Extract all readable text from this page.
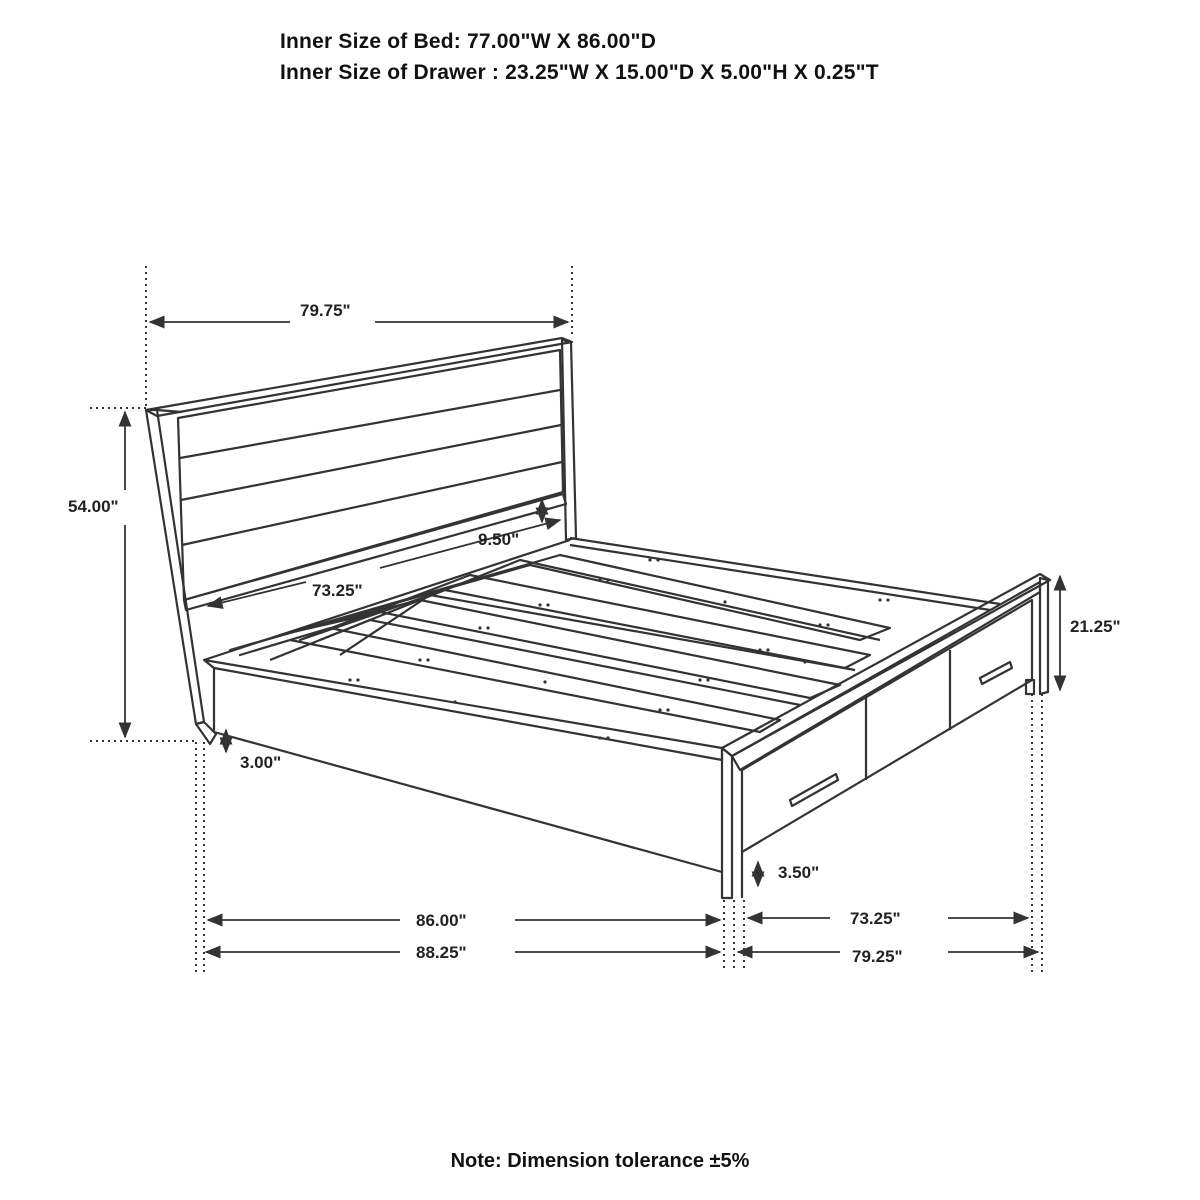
Inner Size of Bed: 77.00"W X 86.00"D
Inner Size of Drawer : 23.25"W X 15.00"D X 5.00"H X 0.25"T
79.75"
54.00"
9.50"
73.25"
3.00"
21.25"
3.50"
86.00"
88.25"
73.25"
79.25"
Note: Dimension tolerance ±5%
